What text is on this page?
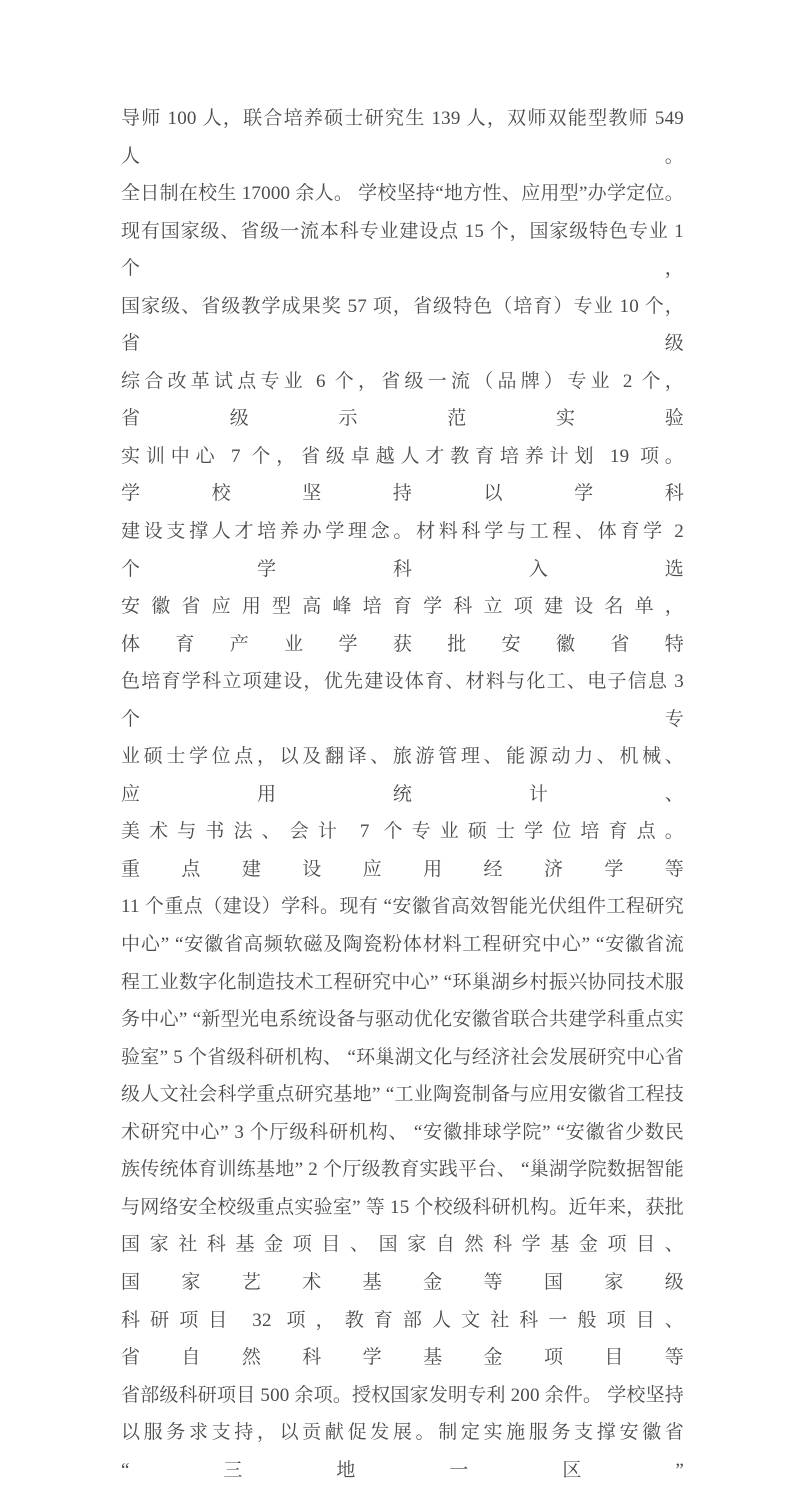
导师 100 人，联合培养硕士研究生 139 人，双师双能型教师 549 人。
全日制在校生 17000 余人。 学校坚持“地方性、应用型”办学定位。
现有国家级、省级一流本科专业建设点 15 个，国家级特色专业 1 个，
国家级、省级教学成果奖 57 项，省级特色（培育）专业 10 个，省级
综合改革试点专业 6 个，省级一流（品牌）专业 2 个，省级示范实验
实训中心 7 个，省级卓越人才教育培养计划 19 项。 学校坚持以学科
建设支撑人才培养办学理念。材料科学与工程、体育学 2 个学科入选
安徽省应用型高峰培育学科立项建设名单，体育产业学获批安徽省特
色培育学科立项建设，优先建设体育、材料与化工、电子信息 3 个专
业硕士学位点，以及翻译、旅游管理、能源动力、机械、应用统计、
美术与书法、会计 7 个专业硕士学位培育点。重点建设应用经济学等
11 个重点（建设）学科。现有 “安徽省高效智能光伏组件工程研究
中心” “安徽省高频软磁及陶瓷粉体材料工程研究中心” “安徽省流
程工业数字化制造技术工程研究中心” “环巢湖乡村振兴协同技术服
务中心” “新型光电系统设备与驱动优化安徽省联合共建学科重点实
验室” 5 个省级科研机构、 “环巢湖文化与经济社会发展研究中心省
级人文社会科学重点研究基地” “工业陶瓷制备与应用安徽省工程技
术研究中心” 3 个厅级科研机构、 “安徽排球学院” “安徽省少数民
族传统体育训练基地” 2 个厅级教育实践平台、 “巢湖学院数据智能
与网络安全校级重点实验室” 等 15 个校级科研机构。近年来，获批
国家社科基金项目、国家自然科学基金项目、国家艺术基金等国家级
科研项目 32 项，教育部人文社科一般项目、省自然科学基金项目等
省部级科研项目 500 余项。授权国家发明专利 200 余件。 学校坚持
以服务求支持，以贡献促发展。制定实施服务支撑安徽省“三地一区”
